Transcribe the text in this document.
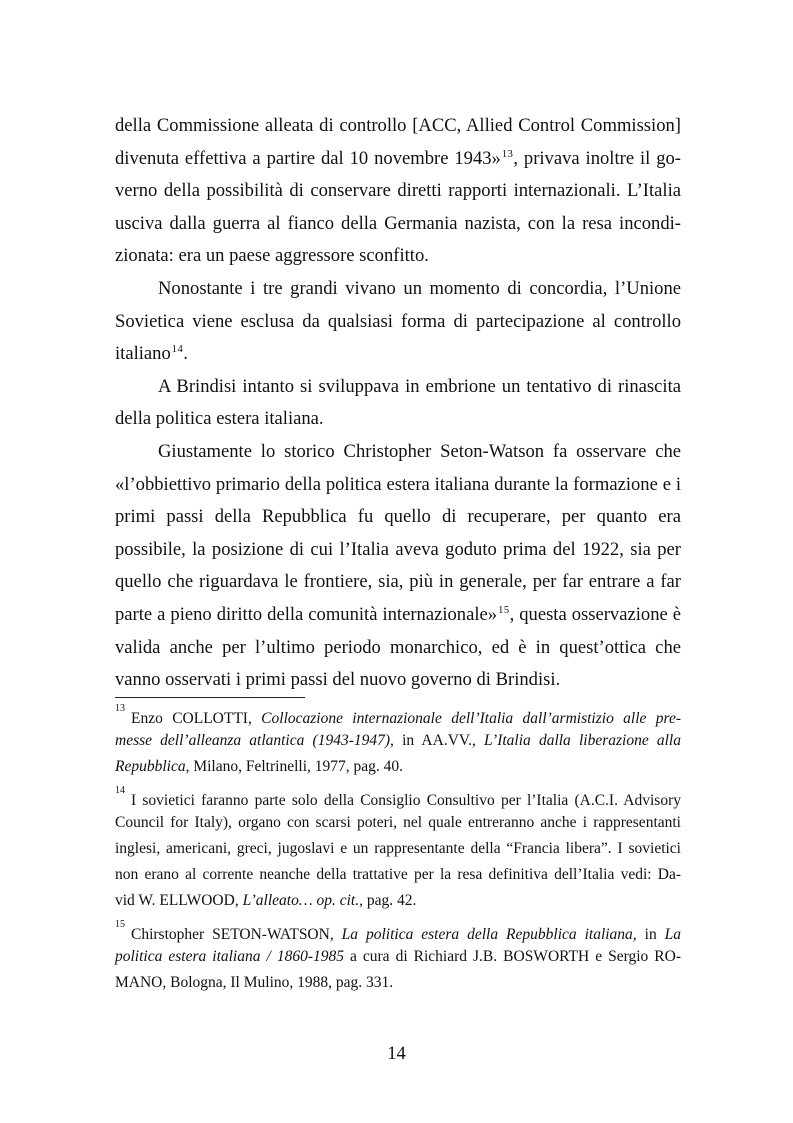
della Commissione alleata di controllo [ACC, Allied Control Commission]
divenuta effettiva a partire dal 10 novembre 1943»$^{13}$, privava inoltre il go-
verno della possibilità di conservare diretti rapporti internazionali. L’Italia
usciva dalla guerra al fianco della Germania nazista, con la resa incondi-
zionata: era un paese aggressore sconfitto.
Nonostante i tre grandi vivano un momento di concordia, l’Unione
Sovietica viene esclusa da qualsiasi forma di partecipazione al controllo
italiano$^{14}$.
A Brindisi intanto si sviluppava in embrione un tentativo di rinascita
della politica estera italiana.
Giustamente lo storico Christopher Seton-Watson fa osservare che
«l’obbiettivo primario della politica estera italiana durante la formazione e i
primi passi della Repubblica fu quello di recuperare, per quanto era
possibile, la posizione di cui l’Italia aveva goduto prima del 1922, sia per
quello che riguardava le frontiere, sia, più in generale, per far entrare a far
parte a pieno diritto della comunità internazionale»$^{15}$, questa osservazione è
valida anche per l’ultimo periodo monarchico, ed è in quest’ottica che
vanno osservati i primi passi del nuovo governo di Brindisi.
$^{13}$Enzo COLLOTTI, Collocazione internazionale dell’Italia dall’armistizio alle pre-
messe dell’alleanza atlantica (1943-1947), in AA.VV., L’Italia dalla liberazione alla
Repubblica, Milano, Feltrinelli, 1977, pag. 40.
$^{14}$I sovietici faranno parte solo della Consiglio Consultivo per l’Italia (A.C.I. Advisory
Council for Italy), organo con scarsi poteri, nel quale entreranno anche i rappresentanti
inglesi, americani, greci, jugoslavi e un rappresentante della “Francia libera”. I sovietici
non erano al corrente neanche della trattative per la resa definitiva dell’Italia vedi: Da-
vid W. ELLWOOD, L’alleato… op. cit., pag. 42.
$^{15}$Chirstopher SETON-WATSON, La politica estera della Repubblica italiana, in La
politica estera italiana / 1860-1985 a cura di Richiard J.B. BOSWORTH e Sergio RO-
MANO, Bologna, Il Mulino, 1988, pag. 331.
14
